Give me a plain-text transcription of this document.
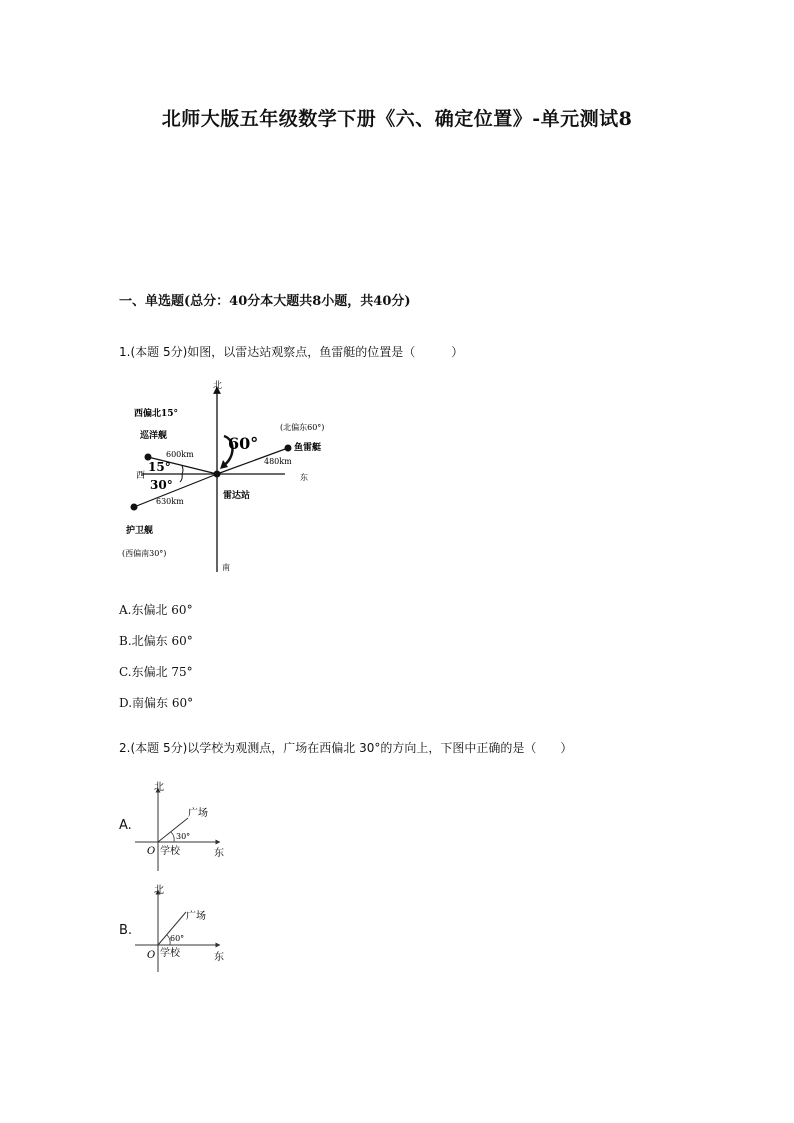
北师大版五年级数学下册《六、确定位置》-单元测试8
一、单选题(总分：40分本大题共8小题，共40分)
1.(本题 5分)如图，以雷达站观察点，鱼雷艇的位置是（　　　）
北
南
西	东
雷达站
西偏北15°
巡洋舰
600km
15°
30°
630km
护卫舰
(西偏南30°)
60°
(北偏东60°)
鱼雷艇
480km
A.东偏北 60°
B.北偏东 60°
C.东偏北 75°
D.南偏东 60°
2.(本题 5分)以学校为观测点，广场在西偏北 30°的方向上，下图中正确的是（　　）
A.
北
广场
30°
O 学校	东
B.
北
广场
60°
O 学校	东
